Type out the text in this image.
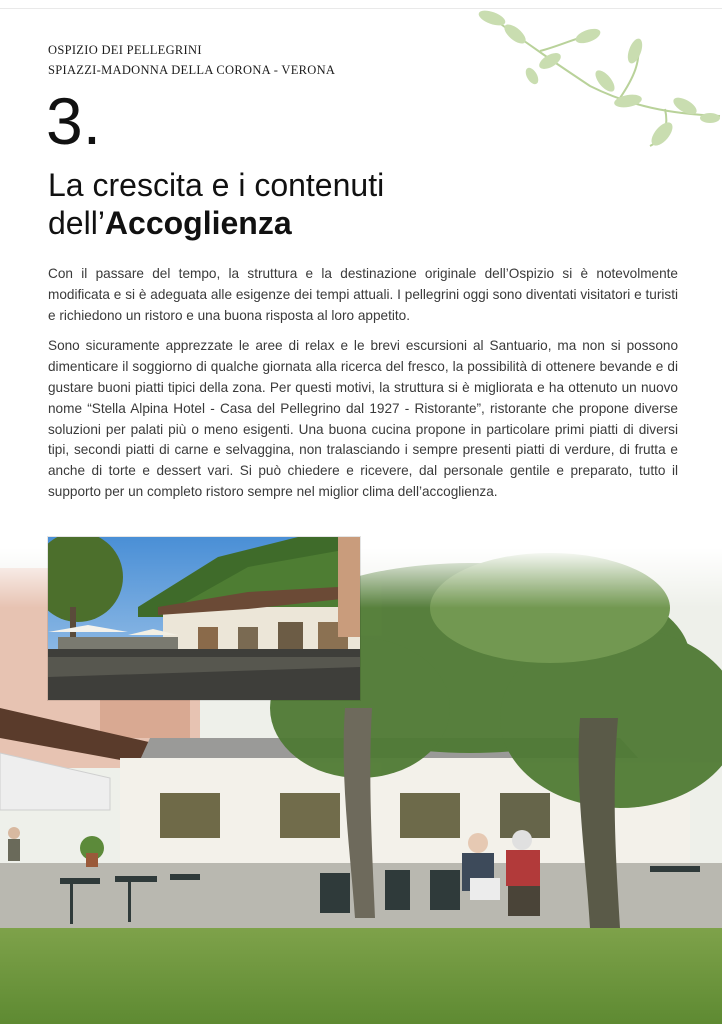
OSPIZIO DEI PELLEGRINI
SPIAZZI-MADONNA DELLA CORONA - VERONA
3.
La crescita e i contenuti
dell’Accoglienza

Con il passare del tempo, la struttura e la destinazione originale dell’Ospizio si è notevolmente modificata e si è adeguata alle esigenze dei tempi attuali. I pellegrini oggi sono diventati visitatori e turisti e richiedono un ristoro e una buona risposta al loro appetito.

Sono sicuramente apprezzate le aree di relax e le brevi escursioni al Santuario, ma non si possono dimenticare il soggiorno di qualche giornata alla ricerca del fresco, la possibilità di ottenere bevande e di gustare buoni piatti tipici della zona. Per questi motivi, la struttura si è migliorata e ha ottenuto un nuovo nome “Stella Alpina Hotel - Casa del Pellegrino dal 1927 - Ristorante”, ristorante che propone diverse soluzioni per palati più o meno esigenti. Una buona cucina propone in particolare primi piatti di diversi tipi, secondi piatti di carne e selvaggina, non tralasciando i sempre presenti piatti di verdure, di frutta e anche di torte e dessert vari. Si può chiedere e ricevere, dal personale gentile e preparato, tutto il supporto per un completo ristoro sempre nel miglior clima dell’accoglienza.
